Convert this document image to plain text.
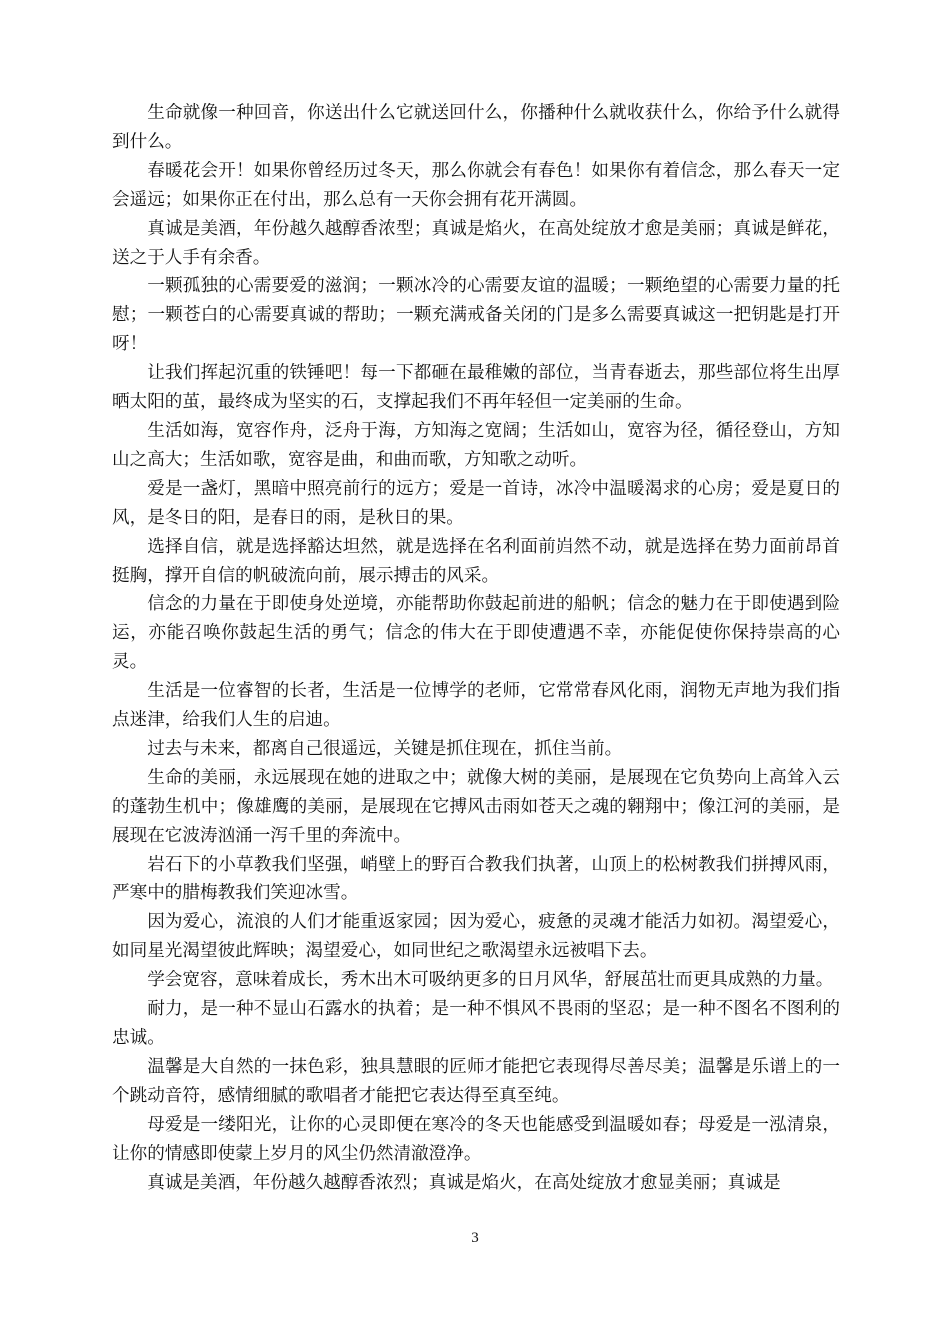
生命就像一种回音，你送出什么它就送回什么，你播种什么就收获什么，你给予什么就得到什么。

春暖花会开！如果你曾经历过冬天，那么你就会有春色！如果你有着信念，那么春天一定会遥远；如果你正在付出，那么总有一天你会拥有花开满圆。

真诚是美酒，年份越久越醇香浓型；真诚是焰火，在高处绽放才愈是美丽；真诚是鲜花，送之于人手有余香。

一颗孤独的心需要爱的滋润；一颗冰冷的心需要友谊的温暖；一颗绝望的心需要力量的托慰；一颗苍白的心需要真诚的帮助；一颗充满戒备关闭的门是多么需要真诚这一把钥匙是打开呀！

让我们挥起沉重的铁锤吧！每一下都砸在最稚嫩的部位，当青春逝去，那些部位将生出厚晒太阳的茧，最终成为坚实的石，支撑起我们不再年轻但一定美丽的生命。

生活如海，宽容作舟，泛舟于海，方知海之宽阔；生活如山，宽容为径，循径登山，方知山之高大；生活如歌，宽容是曲，和曲而歌，方知歌之动听。

爱是一盏灯，黑暗中照亮前行的远方；爱是一首诗，冰冷中温暖渴求的心房；爱是夏日的风，是冬日的阳，是春日的雨，是秋日的果。

选择自信，就是选择豁达坦然，就是选择在名利面前岿然不动，就是选择在势力面前昂首挺胸，撑开自信的帆破流向前，展示搏击的风采。

信念的力量在于即使身处逆境，亦能帮助你鼓起前进的船帆；信念的魅力在于即使遇到险运，亦能召唤你鼓起生活的勇气；信念的伟大在于即使遭遇不幸，亦能促使你保持崇高的心灵。

生活是一位睿智的长者，生活是一位博学的老师，它常常春风化雨，润物无声地为我们指点迷津，给我们人生的启迪。

过去与未来，都离自己很遥远，关键是抓住现在，抓住当前。

生命的美丽，永远展现在她的进取之中；就像大树的美丽，是展现在它负势向上高耸入云的蓬勃生机中；像雄鹰的美丽，是展现在它搏风击雨如苍天之魂的翱翔中；像江河的美丽，是展现在它波涛汹涌一泻千里的奔流中。

岩石下的小草教我们坚强，峭壁上的野百合教我们执著，山顶上的松树教我们拼搏风雨，严寒中的腊梅教我们笑迎冰雪。

因为爱心，流浪的人们才能重返家园；因为爱心，疲惫的灵魂才能活力如初。渴望爱心，如同星光渴望彼此辉映；渴望爱心，如同世纪之歌渴望永远被唱下去。

学会宽容，意味着成长，秀木出木可吸纳更多的日月风华，舒展茁壮而更具成熟的力量。

耐力，是一种不显山石露水的执着；是一种不惧风不畏雨的坚忍；是一种不图名不图利的忠诚。

温馨是大自然的一抹色彩，独具慧眼的匠师才能把它表现得尽善尽美；温馨是乐谱上的一个跳动音符，感情细腻的歌唱者才能把它表达得至真至纯。

母爱是一缕阳光，让你的心灵即便在寒冷的冬天也能感受到温暖如春；母爱是一泓清泉，让你的情感即使蒙上岁月的风尘仍然清澈澄净。

真诚是美酒，年份越久越醇香浓烈；真诚是焰火，在高处绽放才愈显美丽；真诚是

3
